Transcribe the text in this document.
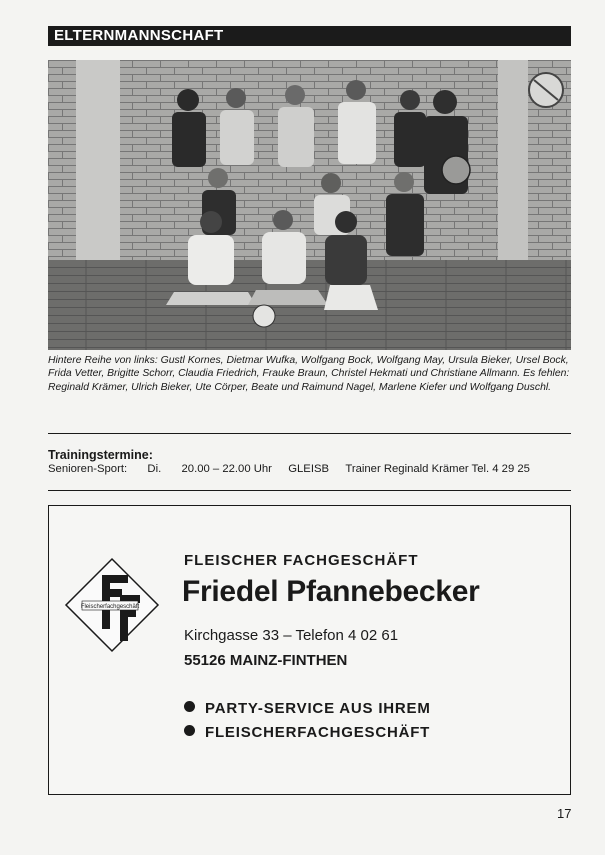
ELTERNMANNSCHAFT
Hintere Reihe von links: Gustl Kornes, Dietmar Wufka, Wolfgang Bock, Wolfgang May, Ursula Bieker, Ursel Bock, Frida Vetter, Brigitte Schorr, Claudia Friedrich, Frauke Braun, Christel Hekmati und Christiane Allmann. Es fehlen: Reginald Krämer, Ulrich Bieker, Ute Cörper, Beate und Raimund Nagel, Marlene Kiefer und Wolfgang Duschl.
Trainingstermine:
Senioren-Sport: Di. 20.00 – 22.00 Uhr GLEISB Trainer Reginald Krämer Tel. 4 29 25
Fleischerfachgeschäft
FLEISCHER FACHGESCHÄFT
Friedel Pfannebecker
Kirchgasse 33 – Telefon 4 02 61
55126 MAINZ-FINTHEN
PARTY-SERVICE AUS IHREM
FLEISCHERFACHGESCHÄFT
17
